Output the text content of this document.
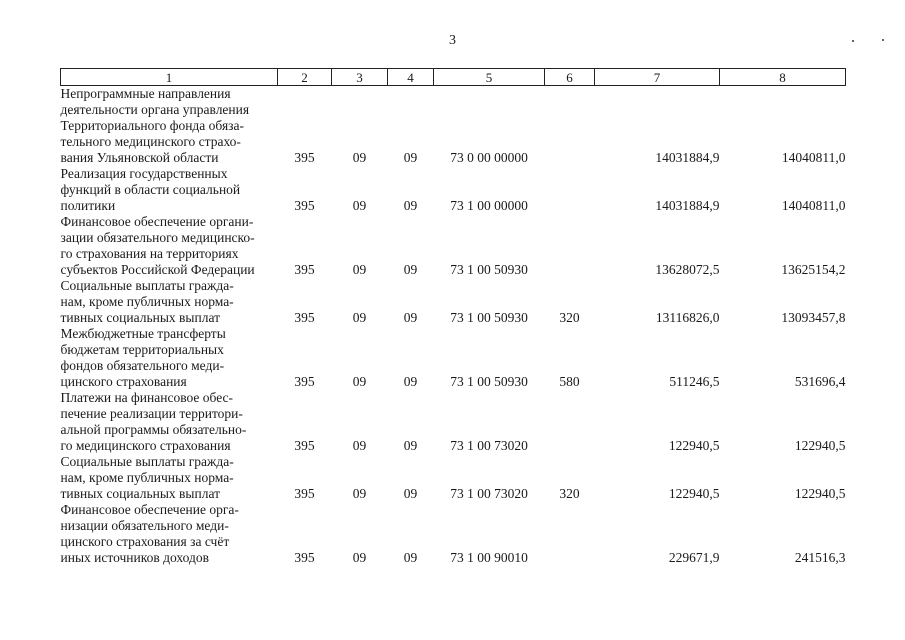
3
1	2	3	4	5	6	7	8

Непрограммные направления
деятельности органа управления
Территориального фонда обяза-
тельного медицинского страхо-
вания Ульяновской области	395	09	09	73 0 00 00000		14031884,9	14040811,0

Реализация государственных
функций в области социальной
политики	395	09	09	73 1 00 00000		14031884,9	14040811,0

Финансовое обеспечение органи-
зации обязательного медицинско-
го страхования на территориях
субъектов Российской Федерации	395	09	09	73 1 00 50930		13628072,5	13625154,2

Социальные выплаты гражда-
нам, кроме публичных норма-
тивных социальных выплат	395	09	09	73 1 00 50930	320	13116826,0	13093457,8

Межбюджетные трансферты
бюджетам территориальных
фондов обязательного меди-
цинского страхования	395	09	09	73 1 00 50930	580	511246,5	531696,4

Платежи на финансовое обес-
печение реализации территори-
альной программы обязательно-
го медицинского страхования	395	09	09	73 1 00 73020		122940,5	122940,5

Социальные выплаты гражда-
нам, кроме публичных норма-
тивных социальных выплат	395	09	09	73 1 00 73020	320	122940,5	122940,5

Финансовое обеспечение орга-
низации обязательного меди-
цинского страхования за счёт
иных источников доходов	395	09	09	73 1 00 90010		229671,9	241516,3
